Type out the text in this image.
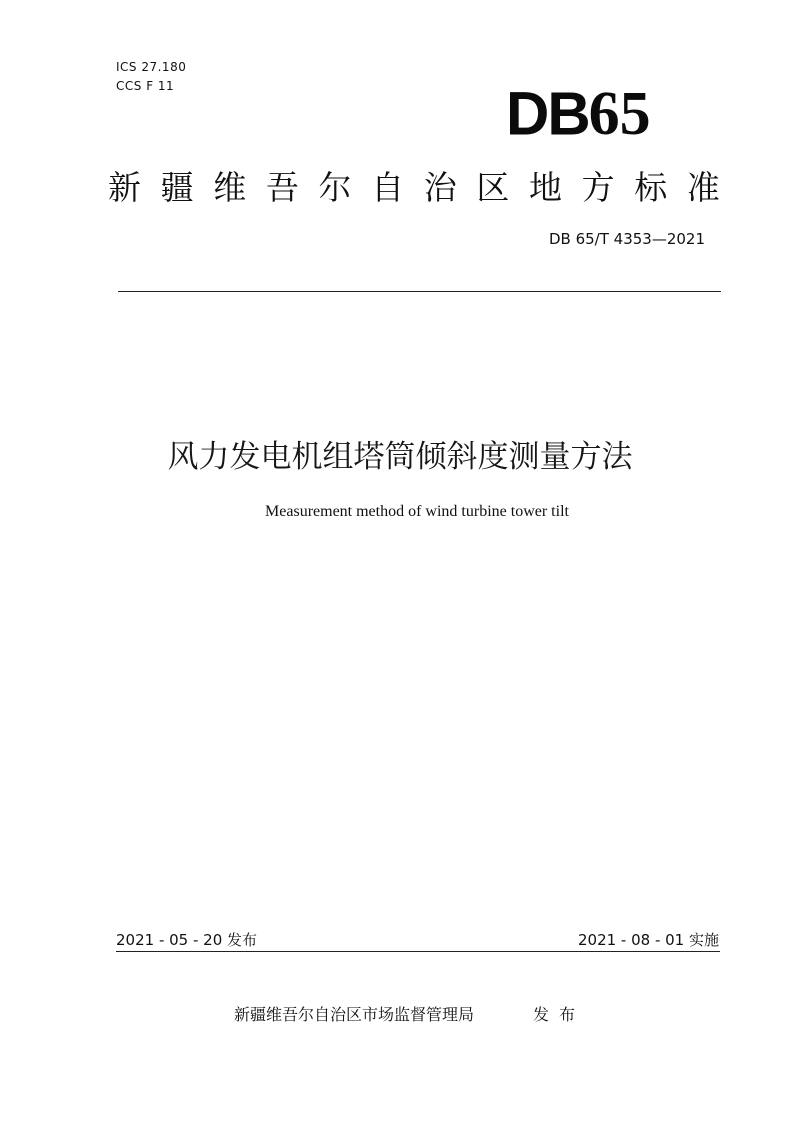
ICS 27.180
CCS F 11	DB65
新 疆 维 吾 尔 自 治 区 地 方 标 准
DB 65/T 4353—2021
风力发电机组塔筒倾斜度测量方法
Measurement method of wind turbine tower tilt
2021 - 05 - 20 发布	2021 - 08 - 01 实施
新疆维吾尔自治区市场监督管理局	发布
